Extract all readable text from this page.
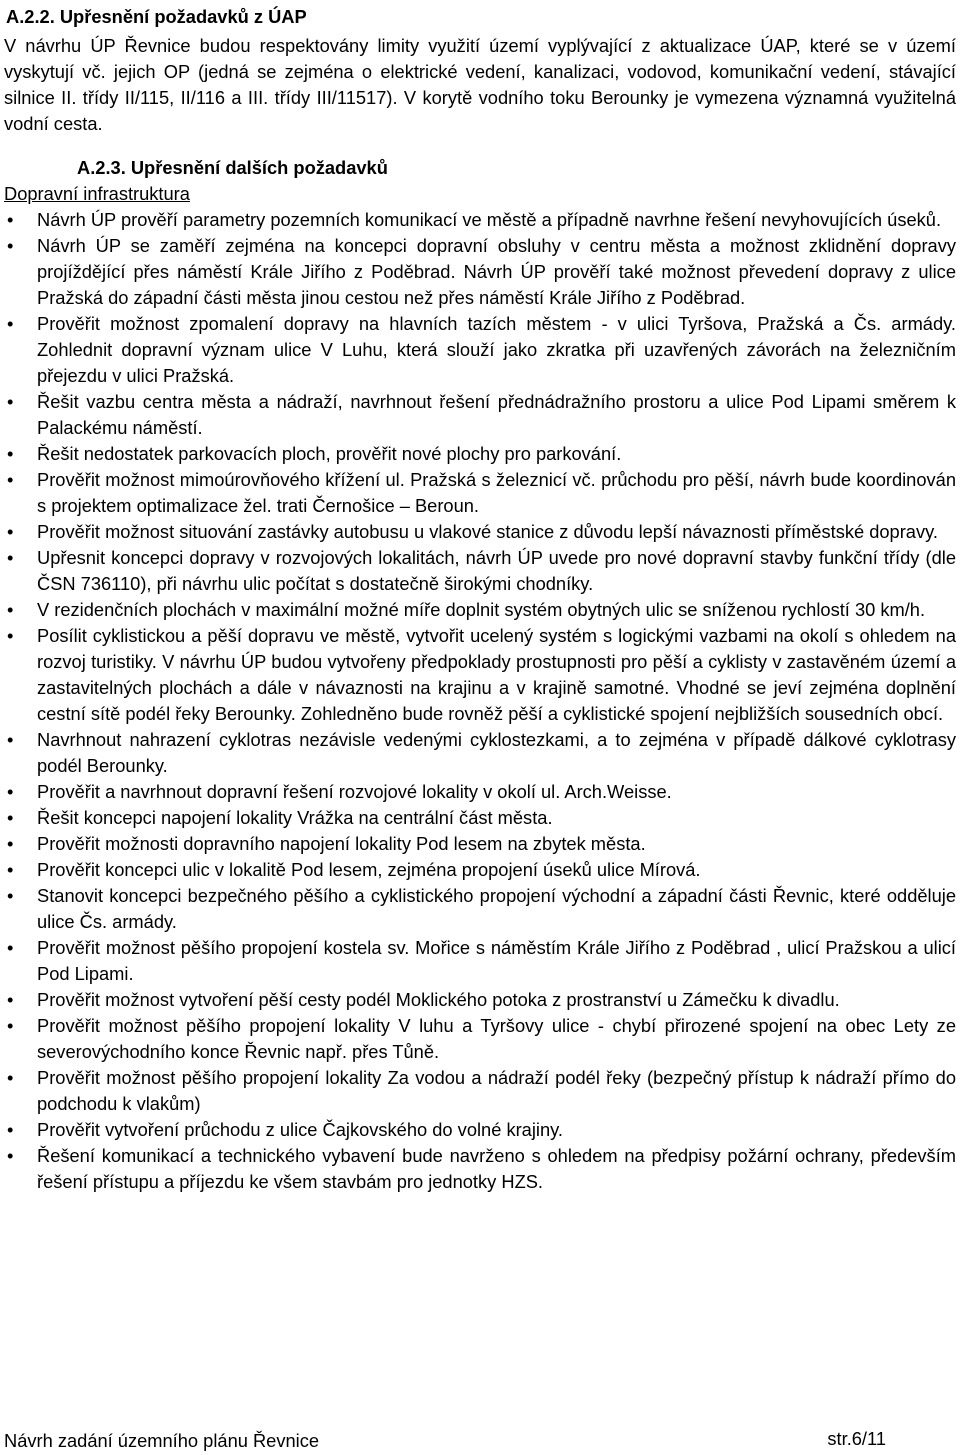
A.2.2. Upřesnění požadavků z ÚAP

V návrhu ÚP Řevnice budou respektovány limity využití území vyplývající z aktualizace ÚAP, které se v území vyskytují vč. jejich OP (jedná se zejména o elektrické vedení, kanalizaci, vodovod, komunikační vedení, stávající silnice II. třídy II/115, II/116 a III. třídy III/11517). V korytě vodního toku Berounky je vymezena významná využitelná vodní cesta.

A.2.3. Upřesnění dalších požadavků
Dopravní infrastruktura
• Návrh ÚP prověří parametry pozemních komunikací ve městě a případně navrhne řešení nevyhovujících úseků.
• Návrh ÚP se zaměří zejména na koncepci dopravní obsluhy v centru města a možnost zklidnění dopravy projíždějící přes náměstí Krále Jiřího z Poděbrad. Návrh ÚP prověří také možnost převedení dopravy z ulice Pražská do západní části města jinou cestou než přes náměstí Krále Jiřího z Poděbrad.
• Prověřit možnost zpomalení dopravy na hlavních tazích městem - v ulici Tyršova, Pražská a Čs. armády. Zohlednit dopravní význam ulice V Luhu, která slouží jako zkratka při uzavřených závorách na železničním přejezdu v ulici Pražská.
• Řešit vazbu centra města a nádraží, navrhnout řešení přednádražního prostoru a ulice Pod Lipami směrem k Palackému náměstí.
• Řešit nedostatek parkovacích ploch, prověřit nové plochy pro parkování.
• Prověřit možnost mimoúrovňového křížení ul. Pražská s železnicí vč. průchodu pro pěší, návrh bude koordinován s projektem optimalizace žel. trati Černošice – Beroun.
• Prověřit možnost situování zastávky autobusu u vlakové stanice z důvodu lepší návaznosti příměstské dopravy.
• Upřesnit koncepci dopravy v rozvojových lokalitách, návrh ÚP uvede pro nové dopravní stavby funkční třídy (dle ČSN 736110), při návrhu ulic počítat s dostatečně širokými chodníky.
• V rezidenčních plochách v maximální možné míře doplnit systém obytných ulic se sníženou rychlostí 30 km/h.
• Posílit cyklistickou a pěší dopravu ve městě, vytvořit ucelený systém s logickými vazbami na okolí s ohledem na rozvoj turistiky. V návrhu ÚP budou vytvořeny předpoklady prostupnosti pro pěší a cyklisty v zastavěném území a zastavitelných plochách a dále v návaznosti na krajinu a v krajině samotné. Vhodné se jeví zejména doplnění cestní sítě podél řeky Berounky. Zohledněno bude rovněž pěší a cyklistické spojení nejbližších sousedních obcí.
• Navrhnout nahrazení cyklotras nezávisle vedenými cyklostezkami, a to zejména v případě dálkové cyklotrasy podél Berounky.
• Prověřit a navrhnout dopravní řešení rozvojové lokality v okolí ul. Arch.Weisse.
• Řešit koncepci napojení lokality Vrážka na centrální část města.
• Prověřit možnosti dopravního napojení lokality Pod lesem na zbytek města.
• Prověřit koncepci ulic v lokalitě Pod lesem, zejména propojení úseků ulice Mírová.
• Stanovit koncepci bezpečného pěšího a cyklistického propojení východní a západní části Řevnic, které odděluje ulice Čs. armády.
• Prověřit možnost pěšího propojení kostela sv. Mořice s náměstím Krále Jiřího z Poděbrad , ulicí Pražskou a ulicí Pod Lipami.
• Prověřit možnost vytvoření pěší cesty podél Moklického potoka z prostranství u Zámečku k divadlu.
• Prověřit možnost pěšího propojení lokality V luhu a Tyršovy ulice - chybí přirozené spojení na obec Lety ze severovýchodního konce Řevnic např. přes Tůně.
• Prověřit možnost pěšího propojení lokality Za vodou a nádraží podél řeky (bezpečný přístup k nádraží přímo do podchodu k vlakům)
• Prověřit vytvoření průchodu z ulice Čajkovského do volné krajiny.
• Řešení komunikací a technického vybavení bude navrženo s ohledem na předpisy požární ochrany, především řešení přístupu a příjezdu ke všem stavbám pro jednotky HZS.
Návrh zadání územního plánu Řevnice	str.6/11
